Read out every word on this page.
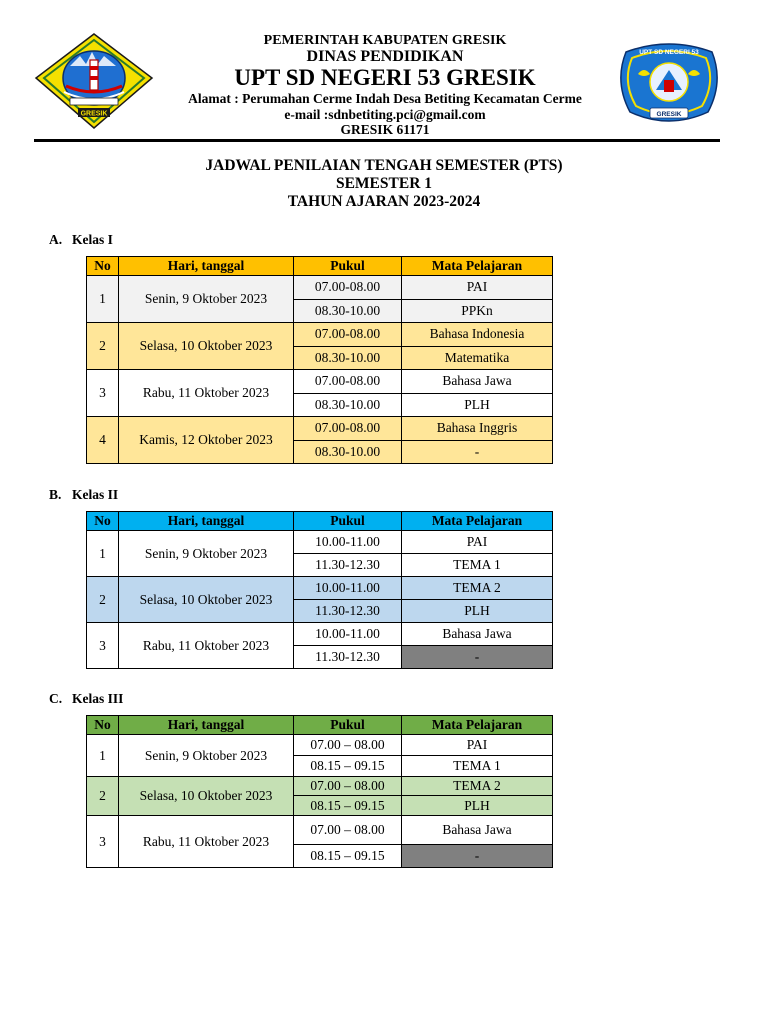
GRESIK
UPT SD NEGERI 53
GRESIK
PEMERINTAH KABUPATEN GRESIK
DINAS PENDIDIKAN
UPT SD NEGERI 53 GRESIK
Alamat : Perumahan Cerme Indah Desa Betiting Kecamatan Cerme
e-mail :sdnbetiting.pci@gmail.com
GRESIK 61171
JADWAL PENILAIAN TENGAH SEMESTER (PTS)
SEMESTER 1
TAHUN AJARAN 2023-2024
A. Kelas I
No	Hari, tanggal	Pukul	Mata Pelajaran
1	Senin, 9 Oktober 2023	07.00-08.00	PAI
		08.30-10.00	PPKn
2	Selasa, 10 Oktober 2023	07.00-08.00	Bahasa Indonesia
		08.30-10.00	Matematika
3	Rabu, 11 Oktober 2023	07.00-08.00	Bahasa Jawa
		08.30-10.00	PLH
4	Kamis, 12 Oktober 2023	07.00-08.00	Bahasa Inggris
		08.30-10.00	-
B. Kelas II
No	Hari, tanggal	Pukul	Mata Pelajaran
1	Senin, 9 Oktober 2023	10.00-11.00	PAI
		11.30-12.30	TEMA 1
2	Selasa, 10 Oktober 2023	10.00-11.00	TEMA 2
		11.30-12.30	PLH
3	Rabu, 11 Oktober 2023	10.00-11.00	Bahasa Jawa
		11.30-12.30	-
C. Kelas III
No	Hari, tanggal	Pukul	Mata Pelajaran
1	Senin, 9 Oktober 2023	07.00 – 08.00	PAI
		08.15 – 09.15	TEMA 1
2	Selasa, 10 Oktober 2023	07.00 – 08.00	TEMA 2
		08.15 – 09.15	PLH
3	Rabu, 11 Oktober 2023	07.00 – 08.00	Bahasa Jawa
		08.15 – 09.15	-
